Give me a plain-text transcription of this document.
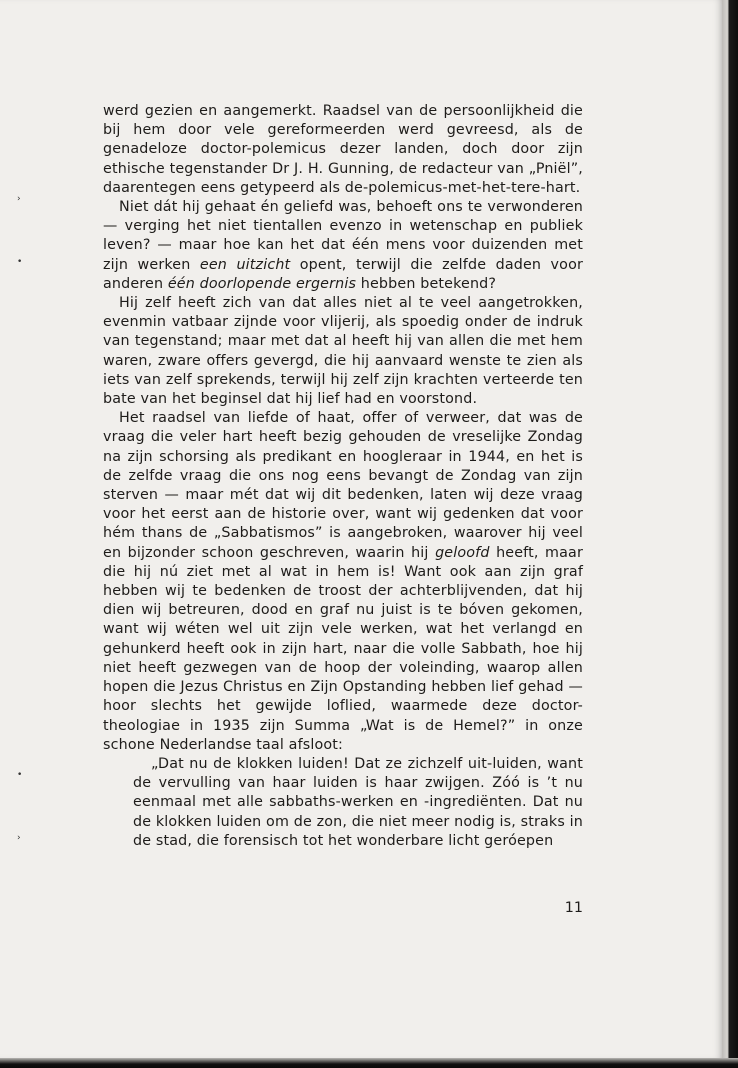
werd gezien en aangemerkt. Raadsel van de persoonlijkheid die bij hem door vele gereformeerden werd gevreesd, als de genadeloze doctor-polemicus dezer landen, doch door zijn ethische tegenstander Dr J. H. Gunning, de redacteur van „Pniël”, daarentegen eens getypeerd als de-polemicus-met-het-tere-hart.

Niet dát hij gehaat én geliefd was, behoeft ons te verwonderen — verging het niet tientallen evenzo in wetenschap en publiek leven? — maar hoe kan het dat één mens voor duizenden met zijn werken een uitzicht opent, terwijl die zelfde daden voor anderen één doorlopende ergernis hebben betekend?

Hij zelf heeft zich van dat alles niet al te veel aangetrokken, evenmin vatbaar zijnde voor vlijerij, als spoedig onder de indruk van tegenstand; maar met dat al heeft hij van allen die met hem waren, zware offers gevergd, die hij aanvaard wenste te zien als iets van zelf sprekends, terwijl hij zelf zijn krachten verteerde ten bate van het beginsel dat hij lief had en voorstond.

Het raadsel van liefde of haat, offer of verweer, dat was de vraag die veler hart heeft bezig gehouden de vreselijke Zondag na zijn schorsing als predikant en hoogleraar in 1944, en het is de zelfde vraag die ons nog eens bevangt de Zondag van zijn sterven — maar mét dat wij dit bedenken, laten wij deze vraag voor het eerst aan de historie over, want wij gedenken dat voor hém thans de „Sabbatismos” is aangebroken, waarover hij veel en bijzonder schoon geschreven, waarin hij geloofd heeft, maar die hij nú ziet met al wat in hem is! Want ook aan zijn graf hebben wij te bedenken de troost der achterblijvenden, dat hij dien wij betreuren, dood en graf nu juist is te bóven gekomen, want wij wéten wel uit zijn vele werken, wat het verlangd en gehunkerd heeft ook in zijn hart, naar die volle Sabbath, hoe hij niet heeft gezwegen van de hoop der voleinding, waarop allen hopen die Jezus Christus en Zijn Opstanding hebben lief gehad — hoor slechts het gewijde loflied, waarmede deze doctor-theologiae in 1935 zijn Summa „Wat is de Hemel?” in onze schone Nederlandse taal afsloot:

„Dat nu de klokken luiden! Dat ze zichzelf uit-luiden, want de vervulling van haar luiden is haar zwijgen. Zóó is ’t nu eenmaal met alle sabbaths-werken en -ingrediënten. Dat nu de klokken luiden om de zon, die niet meer nodig is, straks in de stad, die forensisch tot het wonderbare licht geróepen

11
›
•
•
›
